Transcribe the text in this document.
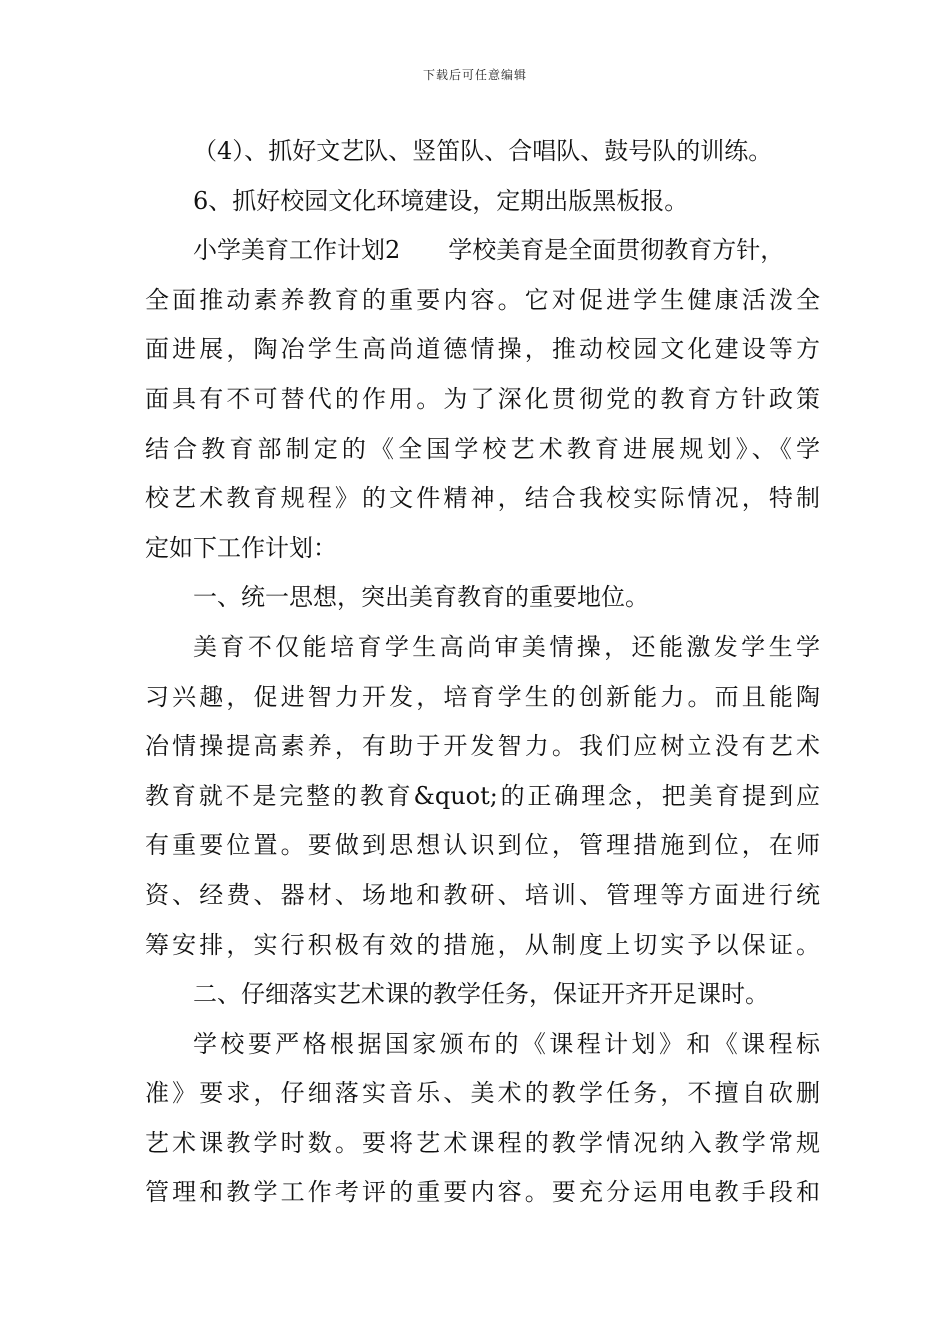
下载后可任意编辑
（4）、抓好文艺队、竖笛队、合唱队、鼓号队的训练。
6、抓好校园文化环境建设，定期出版黑板报。
小学美育工作计划2　　学校美育是全面贯彻教育方针，
全面推动素养教育的重要内容。它对促进学生健康活泼全
面进展，陶冶学生高尚道德情操，推动校园文化建设等方
面具有不可替代的作用。为了深化贯彻党的教育方针政策
结合教育部制定的《全国学校艺术教育进展规划》、《学
校艺术教育规程》的文件精神，结合我校实际情况，特制
定如下工作计划：
一、统一思想，突出美育教育的重要地位。
美育不仅能培育学生高尚审美情操，还能激发学生学
习兴趣，促进智力开发，培育学生的创新能力。而且能陶
冶情操提高素养，有助于开发智力。我们应树立没有艺术
教育就不是完整的教育&quot;的正确理念，把美育提到应
有重要位置。要做到思想认识到位，管理措施到位，在师
资、经费、器材、场地和教研、培训、管理等方面进行统
筹安排，实行积极有效的措施，从制度上切实予以保证。
二、仔细落实艺术课的教学任务，保证开齐开足课时。
学校要严格根据国家颁布的《课程计划》和《课程标
准》要求，仔细落实音乐、美术的教学任务，不擅自砍删
艺术课教学时数。要将艺术课程的教学情况纳入教学常规
管理和教学工作考评的重要内容。要充分运用电教手段和
